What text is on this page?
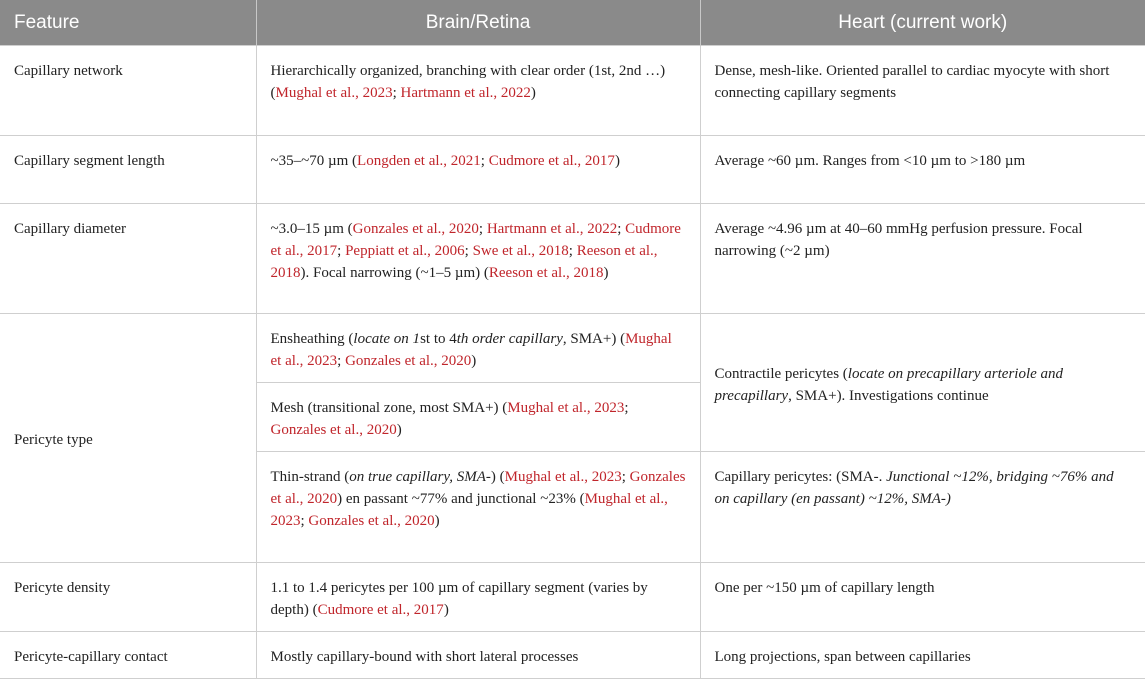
Feature	Brain/Retina	Heart (current work)
Capillary network	Hierarchically organized, branching with clear order (1st, 2nd …) (Mughal et al., 2023; Hartmann et al., 2022)	Dense, mesh-like. Oriented parallel to cardiac myocyte with short connecting capillary segments
Capillary segment length	~35–~70 µm (Longden et al., 2021; Cudmore et al., 2017)	Average ~60 µm. Ranges from <10 µm to >180 µm
Capillary diameter	~3.0–15 µm (Gonzales et al., 2020; Hartmann et al., 2022; Cudmore et al., 2017; Peppiatt et al., 2006; Swe et al., 2018; Reeson et al., 2018). Focal narrowing (~1–5 µm) (Reeson et al., 2018)	Average ~4.96 µm at 40–60 mmHg perfusion pressure. Focal narrowing (~2 µm)
Pericyte type	Ensheathing (locate on 1st to 4th order capillary, SMA+) (Mughal et al., 2023; Gonzales et al., 2020)	Contractile pericytes (locate on precapillary arteriole and precapillary, SMA+). Investigations continue
	Mesh (transitional zone, most SMA+) (Mughal et al., 2023; Gonzales et al., 2020)	
	Thin-strand (on true capillary, SMA-) (Mughal et al., 2023; Gonzales et al., 2020) en passant ~77% and junctional ~23% (Mughal et al., 2023; Gonzales et al., 2020)	Capillary pericytes: (SMA-. Junctional ~12%, bridging ~76% and on capillary (en passant) ~12%, SMA-)
Pericyte density	1.1 to 1.4 pericytes per 100 µm of capillary segment (varies by depth) (Cudmore et al., 2017)	One per ~150 µm of capillary length
Pericyte-capillary contact	Mostly capillary-bound with short lateral processes	Long projections, span between capillaries
